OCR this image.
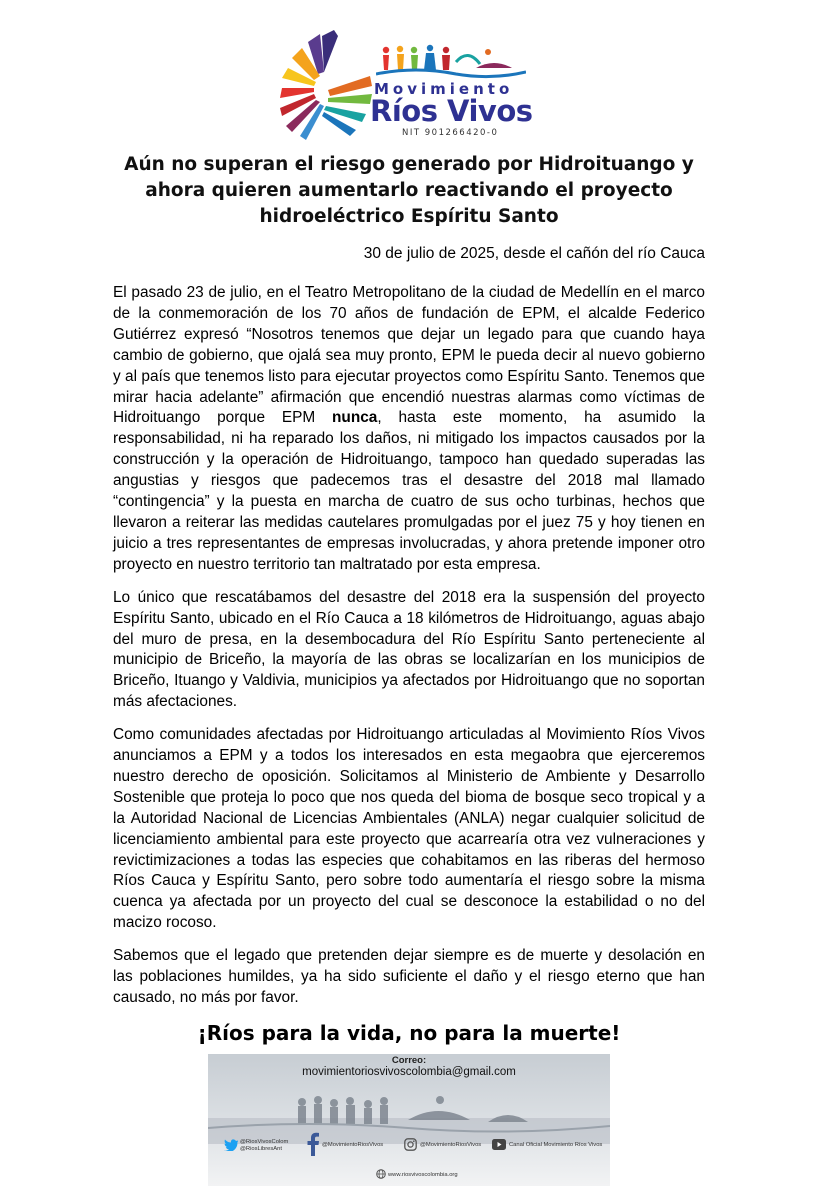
Movimiento
Ríos Vivos
NIT 901266420-0
Aún no superan el riesgo generado por Hidroituango y ahora quieren aumentarlo reactivando el proyecto hidroeléctrico Espíritu Santo
30 de julio de 2025, desde el cañón del río Cauca

El pasado 23 de julio, en el Teatro Metropolitano de la ciudad de Medellín en el marco de la conmemoración de los 70 años de fundación de EPM, el alcalde Federico Gutiérrez expresó “Nosotros tenemos que dejar un legado para que cuando haya cambio de gobierno, que ojalá sea muy pronto, EPM le pueda decir al nuevo gobierno y al país que tenemos listo para ejecutar proyectos como Espíritu Santo. Tenemos que mirar hacia adelante” afirmación que encendió nuestras alarmas como víctimas de Hidroituango porque EPM nunca, hasta este momento, ha asumido la responsabilidad, ni ha reparado los daños, ni mitigado los impactos causados por la construcción y la operación de Hidroituango, tampoco han quedado superadas las angustias y riesgos que padecemos tras el desastre del 2018 mal llamado “contingencia” y la puesta en marcha de cuatro de sus ocho turbinas, hechos que llevaron a reiterar las medidas cautelares promulgadas por el juez 75 y hoy tienen en juicio a tres representantes de empresas involucradas, y ahora pretende imponer otro proyecto en nuestro territorio tan maltratado por esta empresa.

Lo único que rescatábamos del desastre del 2018 era la suspensión del proyecto Espíritu Santo, ubicado en el Río Cauca a 18 kilómetros de Hidroituango, aguas abajo del muro de presa, en la desembocadura del Río Espíritu Santo perteneciente al municipio de Briceño, la mayoría de las obras se localizarían en los municipios de Briceño, Ituango y Valdivia, municipios ya afectados por Hidroituango que no soportan más afectaciones.

Como comunidades afectadas por Hidroituango articuladas al Movimiento Ríos Vivos anunciamos a EPM y a todos los interesados en esta megaobra que ejerceremos nuestro derecho de oposición. Solicitamos al Ministerio de Ambiente y Desarrollo Sostenible que proteja lo poco que nos queda del bioma de bosque seco tropical y a la Autoridad Nacional de Licencias Ambientales (ANLA) negar cualquier solicitud de licenciamiento ambiental para este proyecto que acarrearía otra vez vulneraciones y revictimizaciones a todas las especies que cohabitamos en las riberas del hermoso Ríos Cauca y Espíritu Santo, pero sobre todo aumentaría el riesgo sobre la misma cuenca ya afectada por un proyecto del cual se desconoce la estabilidad o no del macizo rocoso.

Sabemos que el legado que pretenden dejar siempre es de muerte y desolación en las poblaciones humildes, ya ha sido suficiente el daño y el riesgo eterno que han causado, no más por favor.

¡Ríos para la vida, no para la muerte!
Correo:
movimientoriosvivoscolombia@gmail.com
@RiosVivosColom
@RiosLibresAnt
@MovimientoRiosVivos	@MovimientoRiosVivos	Canal Oficial Movimiento Ríos Vivos
www.riosvivoscolombia.org
